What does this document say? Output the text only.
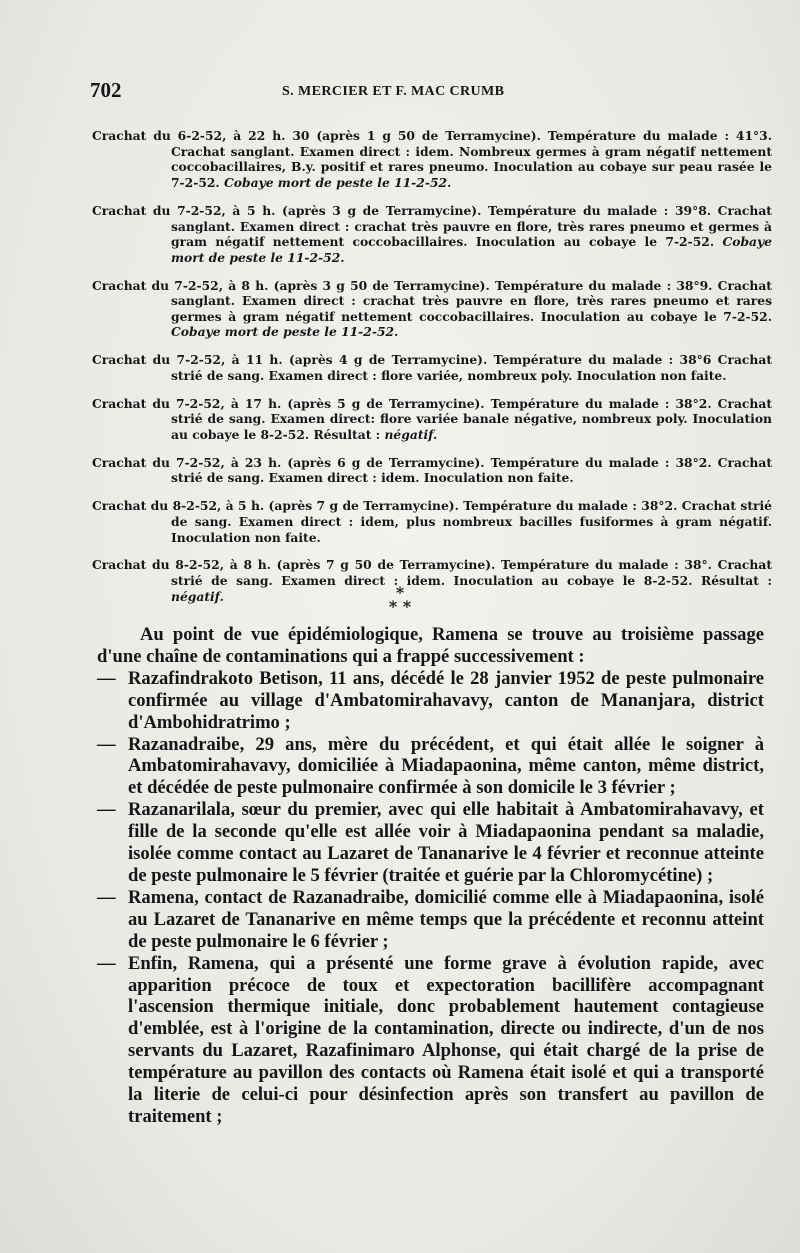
702	S. MERCIER ET F. MAC CRUMB

Crachat du 6-2-52, à 22 h. 30 (après 1 g 50 de Terramycine). Température du malade : 41°3. Crachat sanglant. Examen direct : idem. Nombreux germes à gram négatif nettement coccobacillaires, B.y. positif et rares pneumo. Inoculation au cobaye sur peau rasée le 7-2-52. Cobaye mort de peste le 11-2-52.

Crachat du 7-2-52, à 5 h. (après 3 g de Terramycine). Température du malade : 39°8. Crachat sanglant. Examen direct : crachat très pauvre en flore, très rares pneumo et germes à gram négatif nettement coccobacillaires. Inoculation au cobaye le 7-2-52. Cobaye mort de peste le 11-2-52.

Crachat du 7-2-52, à 8 h. (après 3 g 50 de Terramycine). Température du malade : 38°9. Crachat sanglant. Examen direct : crachat très pauvre en flore, très rares pneumo et rares germes à gram négatif nettement coccobacillaires. Inoculation au cobaye le 7-2-52. Cobaye mort de peste le 11-2-52.

Crachat du 7-2-52, à 11 h. (après 4 g de Terramycine). Température du malade : 38°6 Crachat strié de sang. Examen direct : flore variée, nombreux poly. Inoculation non faite.

Crachat du 7-2-52, à 17 h. (après 5 g de Terramycine). Température du malade : 38°2. Crachat strié de sang. Examen direct: flore variée banale négative, nombreux poly. Inoculation au cobaye le 8-2-52. Résultat : négatif.

Crachat du 7-2-52, à 23 h. (après 6 g de Terramycine). Température du malade : 38°2. Crachat strié de sang. Examen direct : idem. Inoculation non faite.

Crachat du 8-2-52, à 5 h. (après 7 g de Terramycine). Température du malade : 38°2. Crachat strié de sang. Examen direct : idem, plus nombreux bacilles fusiformes à gram négatif. Inoculation non faite.

Crachat du 8-2-52, à 8 h. (après 7 g 50 de Terramycine). Température du malade : 38°. Crachat strié de sang. Examen direct : idem. Inoculation au cobaye le 8-2-52. Résultat : négatif.	*
* *

Au point de vue épidémiologique, Ramena se trouve au troisième passage d'une chaîne de contaminations qui a frappé successivement :

— Razafindrakoto Betison, 11 ans, décédé le 28 janvier 1952 de peste pulmonaire confirmée au village d'Ambatomirahavavy, canton de Mananjara, district d'Ambohidratrimo ;
— Razanadraibe, 29 ans, mère du précédent, et qui était allée le soigner à Ambatomirahavavy, domiciliée à Miadapaonina, même canton, même district, et décédée de peste pulmonaire confirmée à son domicile le 3 février ;
— Razanarilala, sœur du premier, avec qui elle habitait à Ambatomirahavavy, et fille de la seconde qu'elle est allée voir à Miadapaonina pendant sa maladie, isolée comme contact au Lazaret de Tananarive le 4 février et reconnue atteinte de peste pulmonaire le 5 février (traitée et guérie par la Chloromycétine) ;
— Ramena, contact de Razanadraibe, domicilié comme elle à Miadapaonina, isolé au Lazaret de Tananarive en même temps que la précédente et reconnu atteint de peste pulmonaire le 6 février ;
— Enfin, Ramena, qui a présenté une forme grave à évolution rapide, avec apparition précoce de toux et expectoration bacillifère accompagnant l'ascension thermique initiale, donc probablement hautement contagieuse d'emblée, est à l'origine de la contamination, directe ou indirecte, d'un de nos servants du Lazaret, Razafinimaro Alphonse, qui était chargé de la prise de température au pavillon des contacts où Ramena était isolé et qui a transporté la literie de celui-ci pour désinfection après son transfert au pavillon de traitement ;
